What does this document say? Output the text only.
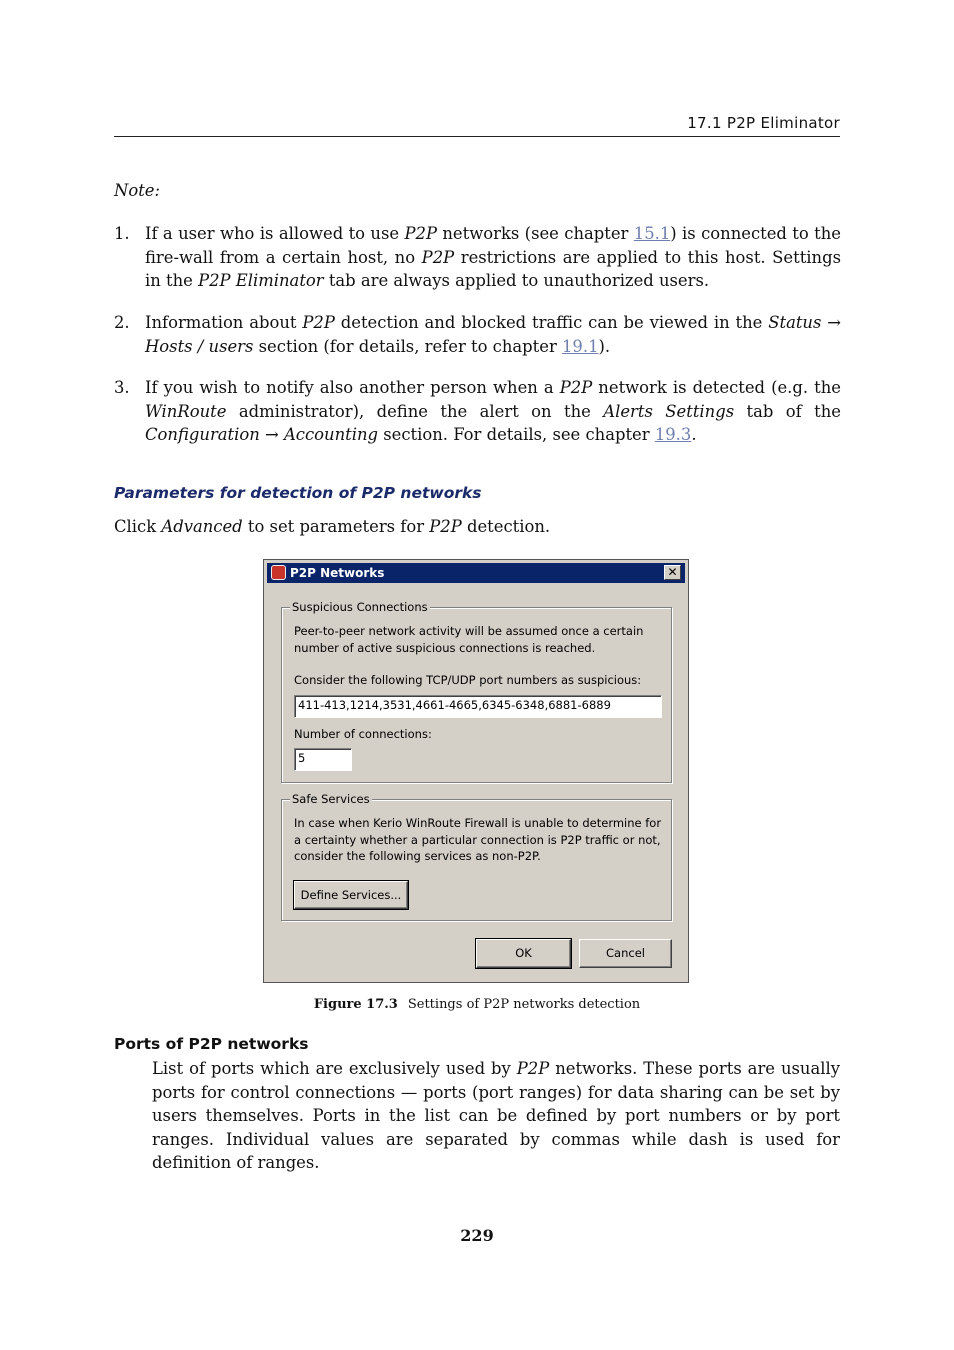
17.1 P2P Eliminator
Note:
1. If a user who is allowed to use P2P networks (see chapter 15.1) is connected to the fire-wall from a certain host, no P2P restrictions are applied to this host. Settings in the P2P Eliminator tab are always applied to unauthorized users.
2. Information about P2P detection and blocked traffic can be viewed in the Status → Hosts / users section (for details, refer to chapter 19.1).
3. If you wish to notify also another person when a P2P network is detected (e.g. the WinRoute administrator), define the alert on the Alerts Settings tab of the Configuration → Accounting section. For details, see chapter 19.3.
Parameters for detection of P2P networks
Click Advanced to set parameters for P2P detection.
P2P Networks	✕
Suspicious Connections
Peer-to-peer network activity will be assumed once a certain number of active suspicious connections is reached.
Consider the following TCP/UDP port numbers as suspicious:
411-413,1214,3531,4661-4665,6345-6348,6881-6889
Number of connections:
5
Safe Services
In case when Kerio WinRoute Firewall is unable to determine for a certainty whether a particular connection is P2P traffic or not, consider the following services as non-P2P.
Define Services...
OK	Cancel
Figure 17.3 Settings of P2P networks detection
Ports of P2P networks
List of ports which are exclusively used by P2P networks. These ports are usually ports for control connections — ports (port ranges) for data sharing can be set by users themselves. Ports in the list can be defined by port numbers or by port ranges. Individual values are separated by commas while dash is used for definition of ranges.
229
